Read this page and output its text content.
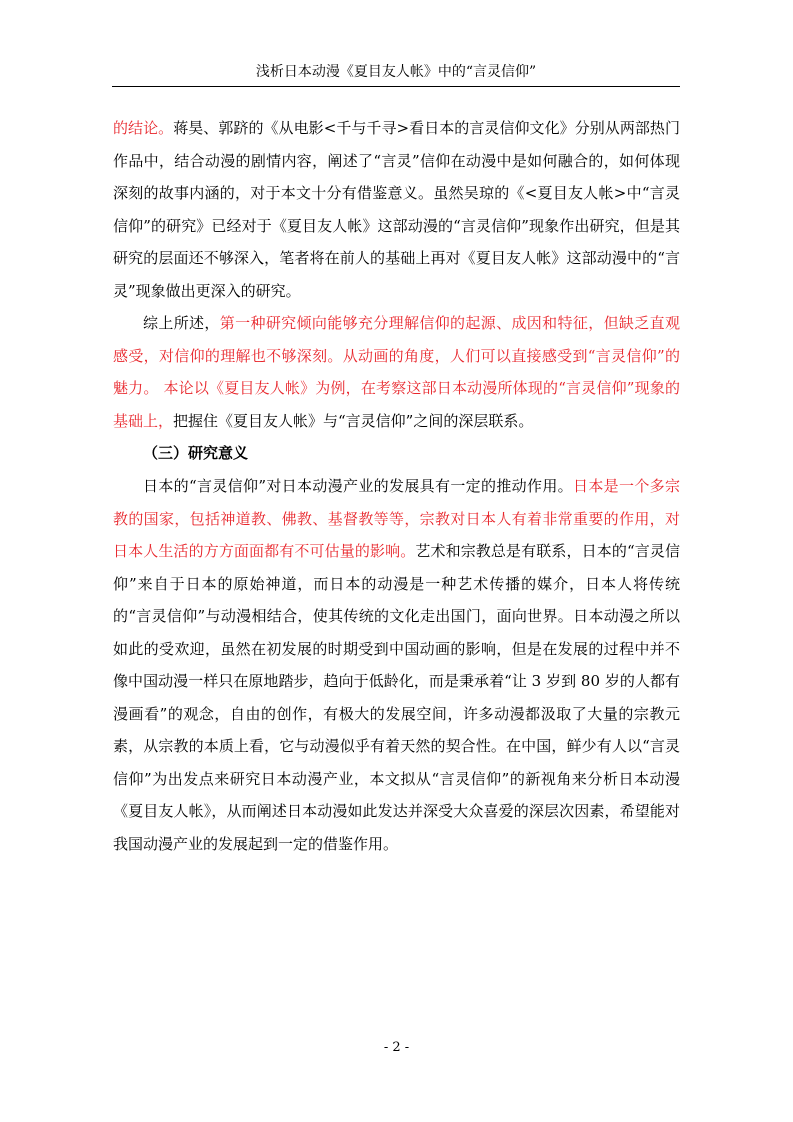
浅析日本动漫《夏目友人帐》中的“言灵信仰”

的结论。蒋昊、郭跻的《从电影<千与千寻>看日本的言灵信仰文化》分别从两部热门作品中，结合动漫的剧情内容，阐述了“言灵”信仰在动漫中是如何融合的，如何体现深刻的故事内涵的，对于本文十分有借鉴意义。虽然吴琼的《<夏目友人帐>中“言灵信仰”的研究》已经对于《夏目友人帐》这部动漫的“言灵信仰”现象作出研究，但是其研究的层面还不够深入，笔者将在前人的基础上再对《夏目友人帐》这部动漫中的“言灵”现象做出更深入的研究。

综上所述，第一种研究倾向能够充分理解信仰的起源、成因和特征，但缺乏直观感受，对信仰的理解也不够深刻。从动画的角度，人们可以直接感受到“言灵信仰”的魅力。 本论以《夏目友人帐》为例，在考察这部日本动漫所体现的“言灵信仰”现象的基础上，把握住《夏目友人帐》与“言灵信仰”之间的深层联系。

（三）研究意义

日本的“言灵信仰”对日本动漫产业的发展具有一定的推动作用。日本是一个多宗教的国家，包括神道教、佛教、基督教等等，宗教对日本人有着非常重要的作用，对日本人生活的方方面面都有不可估量的影响。艺术和宗教总是有联系，日本的“言灵信仰”来自于日本的原始神道，而日本的动漫是一种艺术传播的媒介，日本人将传统的“言灵信仰”与动漫相结合，使其传统的文化走出国门，面向世界。日本动漫之所以如此的受欢迎，虽然在初发展的时期受到中国动画的影响，但是在发展的过程中并不像中国动漫一样只在原地踏步，趋向于低龄化，而是秉承着“让 3 岁到 80 岁的人都有漫画看”的观念，自由的创作，有极大的发展空间，许多动漫都汲取了大量的宗教元素，从宗教的本质上看，它与动漫似乎有着天然的契合性。在中国，鲜少有人以“言灵信仰”为出发点来研究日本动漫产业，本文拟从“言灵信仰”的新视角来分析日本动漫《夏目友人帐》，从而阐述日本动漫如此发达并深受大众喜爱的深层次因素，希望能对我国动漫产业的发展起到一定的借鉴作用。

- 2 -
